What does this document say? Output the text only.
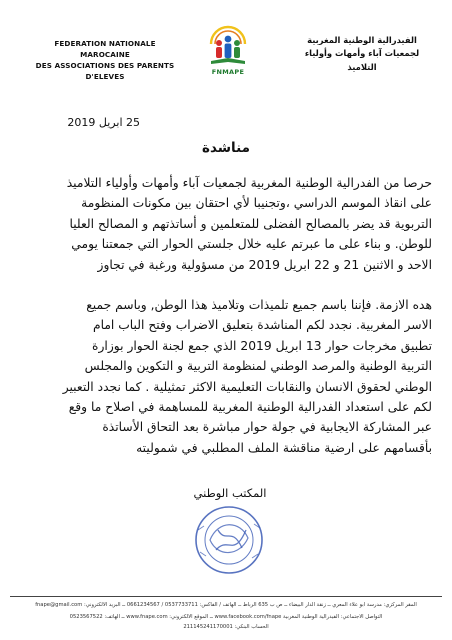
FEDERATION NATIONALE MAROCAINE
DES ASSOCIATIONS DES PARENTS D'ELEVES
FNMAPE
الفيدرالية الوطنية المغربية
لجمعيات آباء وأمهات وأولياء التلاميذ
25 ابريل 2019
مناشدة

حرصا من الفدرالية الوطنية المغربية لجمعيات آباء وأمهات وأولياء التلاميذ

على انقاذ الموسم الدراسي ،وتجنيبا لأي احتقان بين مكونات المنظومة

التربوية قد يضر بالمصالح الفضلى للمتعلمين و أساتذتهم و المصالح العليا

للوطن. و بناء على ما عبرتم عليه خلال جلستي الحوار التي جمعتنا يومي

الاحد و الاثنين 21 و 22 ابريل 2019 من مسؤولية ورغبة في تجاوز

هده الازمة. فإننا باسم جميع تلميذات وتلاميذ هذا الوطن, وباسم جميع

الاسر المغربية. نجدد لكم المناشدة بتعليق الاضراب وفتح الباب امام

تطبيق مخرجات حوار 13 ابريل 2019 الذي جمع لجنة الحوار بوزارة

التربية الوطنية والمرصد الوطني لمنظومة التربية و التكوين والمجلس

الوطني لحقوق الانسان والنقابات التعليمية الاكثر تمثيلية . كما نجدد التعبير

لكم على استعداد الفدرالية الوطنية المغربية للمساهمة في اصلاح ما وقع

عبر المشاركة الايجابية في جولة حوار مباشرة بعد التحاق الأساتذة

بأقسامهم على ارضية مناقشة الملف المطلبي في شموليته

المكتب الوطني
المقر المركزي: مدرسة أبو علاء المعري ــ زنقة الدار البيضاء ــ ص ب 635 الرباط ــ الهاتف / الفاكس: 0537733711 / 0661234567 ــ البريد الالكتروني: fnape@gmail.com
التواصل الاجتماعي: الفيدرالية الوطنية المغربية www.facebook.com/fnape ــ الموقع الالكتروني: www.fnape.com ــ الهاتف: 0523567522
الحساب البنكي: 211145241170001
